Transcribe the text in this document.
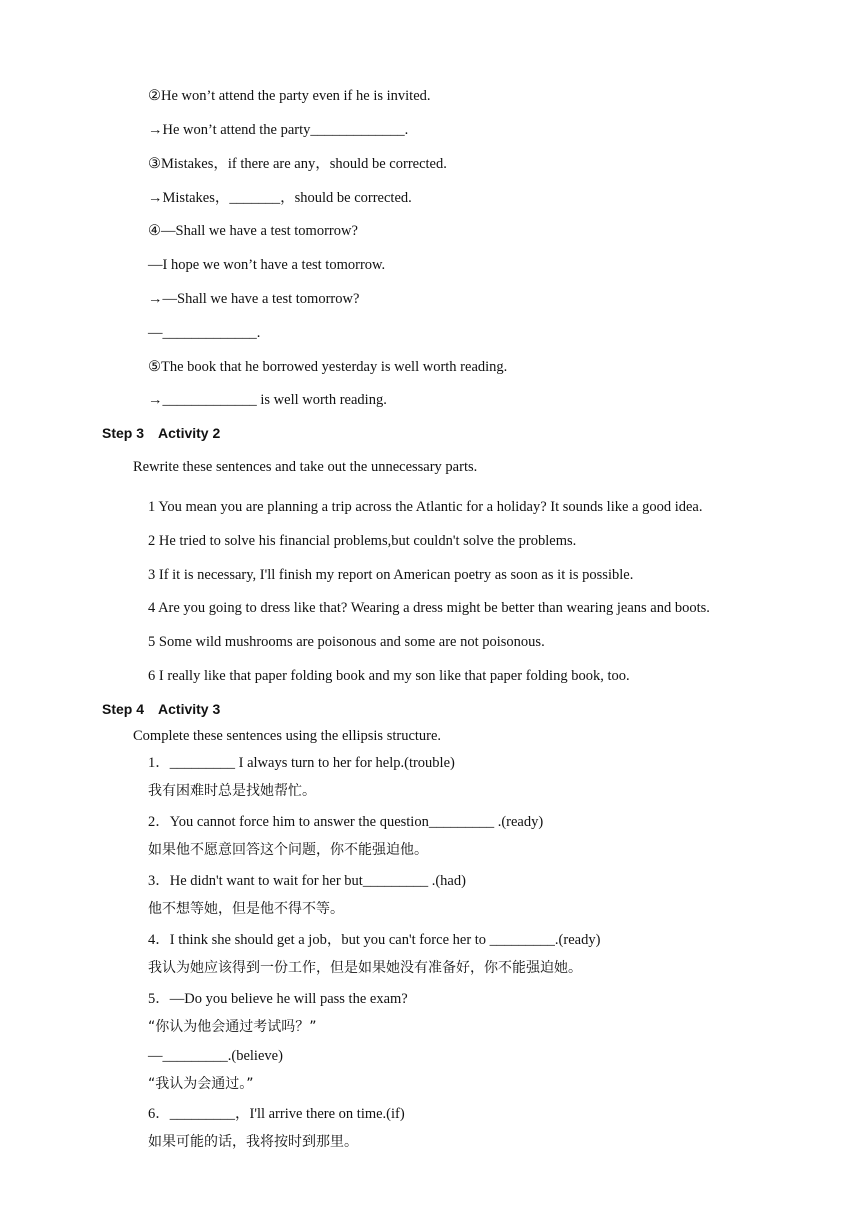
②He won’t attend the party even if he is invited.
→He won’t attend the party_____________.
③Mistakes，if there are any，should be corrected.
→Mistakes，_______，should be corrected.
④—Shall we have a test tomorrow?
—I hope we won’t have a test tomorrow.
→—Shall we have a test tomorrow?
—_____________.
⑤The book that he borrowed yesterday is well worth reading.
→_____________ is well worth reading.
Step 3　Activity 2
Rewrite these sentences and take out the unnecessary parts.
1 You mean you are planning a trip across the Atlantic for a holiday? It sounds like a good idea.
2 He tried to solve his financial problems,but couldn't solve the problems.
3 If it is necessary, I'll finish my report on American poetry as soon as it is possible.
4 Are you going to dress like that? Wearing a dress might be better than wearing jeans and boots.
5 Some wild mushrooms are poisonous and some are not poisonous.
6 I really like that paper folding book and my son like that paper folding book, too.
Step 4　Activity 3
Complete these sentences using the ellipsis structure.
1．_________ I always turn to her for help.(trouble)
我有困难时总是找她帮忙。
2．You cannot force him to answer the question_________ .(ready)
如果他不愿意回答这个问题，你不能强迫他。
3．He didn't want to wait for her but_________ .(had)
他不想等她，但是他不得不等。
4．I think she should get a job，but you can't force her to _________.(ready)
我认为她应该得到一份工作，但是如果她没有准备好，你不能强迫她。
5．—Do you believe he will pass the exam?
“你认为他会通过考试吗？”
—_________.(believe)
“我认为会通过。”
6．_________，I'll arrive there on time.(if)
如果可能的话，我将按时到那里。
